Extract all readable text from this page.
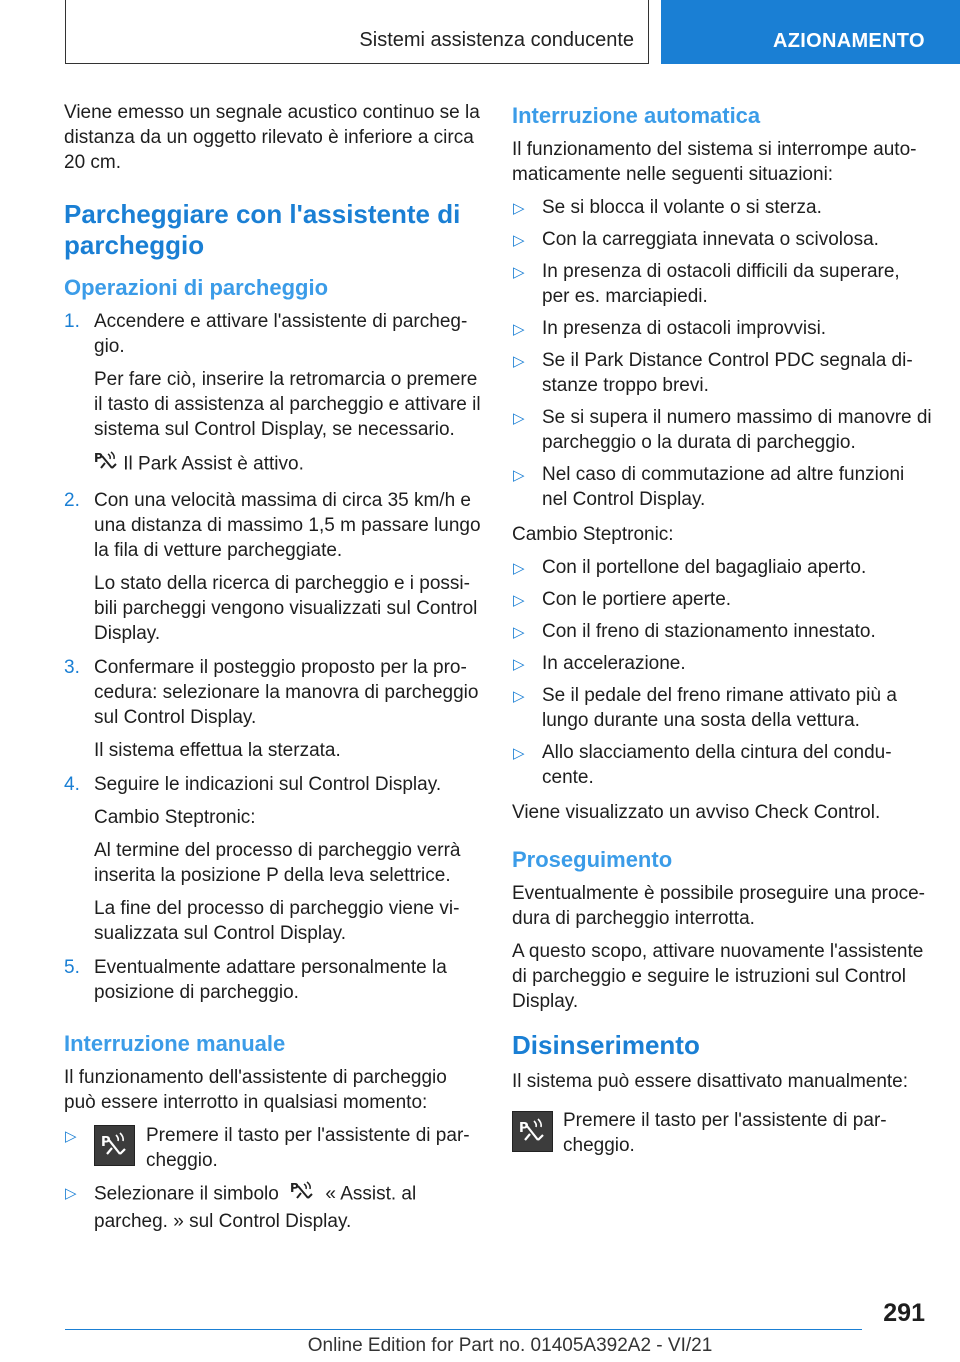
Sistemi assistenza conducente	AZIONAMENTO

Viene emesso un segnale acustico continuo se la distanza da un oggetto rilevato è inferiore a circa 20 cm.

Parcheggiare con l'assistente di parcheggio
Operazioni di parcheggio
1. Accendere e attivare l'assistente di parcheg‐gio.

Per fare ciò, inserire la retromarcia o premere il tasto di assistenza al parcheggio e attivare il sistema sul Control Display, se necessario.

P Il Park Assist è attivo.

2. Con una velocità massima di circa 35 km/h e una distanza di massimo 1,5 m passare lungo la fila di vetture parcheggiate.

Lo stato della ricerca di parcheggio e i possi‐bili parcheggi vengono visualizzati sul Control Display.

3. Confermare il posteggio proposto per la pro‐cedura: selezionare la manovra di parcheggio sul Control Display.

Il sistema effettua la sterzata.

4. Seguire le indicazioni sul Control Display.

Cambio Steptronic:

Al termine del processo di parcheggio verrà inserita la posizione P della leva selettrice.

La fine del processo di parcheggio viene vi‐sualizzata sul Control Display.

5. Eventualmente adattare personalmente la posizione di parcheggio.

Interruzione manuale

Il funzionamento dell'assistente di parcheggio può essere interrotto in qualsiasi momento:

▷ P	Premere il tasto per l'assistente di par‐cheggio.
▷ Selezionare il simbolo P « Assist. al parcheg. » sul Control Display.
Interruzione automatica

Il funzionamento del sistema si interrompe auto‐maticamente nelle seguenti situazioni:

▷ Se si blocca il volante o si sterza.
▷ Con la carreggiata innevata o scivolosa.
▷ In presenza di ostacoli difficili da superare, per es. marciapiedi.
▷ In presenza di ostacoli improvvisi.
▷ Se il Park Distance Control PDC segnala di‐stanze troppo brevi.
▷ Se si supera il numero massimo di manovre di parcheggio o la durata di parcheggio.
▷ Nel caso di commutazione ad altre funzioni nel Control Display.

Cambio Steptronic:

▷ Con il portellone del bagagliaio aperto.
▷ Con le portiere aperte.
▷ Con il freno di stazionamento innestato.
▷ In accelerazione.
▷ Se il pedale del freno rimane attivato più a lungo durante una sosta della vettura.
▷ Allo slacciamento della cintura del condu‐cente.

Viene visualizzato un avviso Check Control.

Proseguimento

Eventualmente è possibile proseguire una proce‐dura di parcheggio interrotta.

A questo scopo, attivare nuovamente l'assistente di parcheggio e seguire le istruzioni sul Control Display.

Disinserimento

Il sistema può essere disattivato manualmente:

P	Premere il tasto per l'assistente di par‐cheggio.

291
Online Edition for Part no. 01405A392A2 - VI/21
